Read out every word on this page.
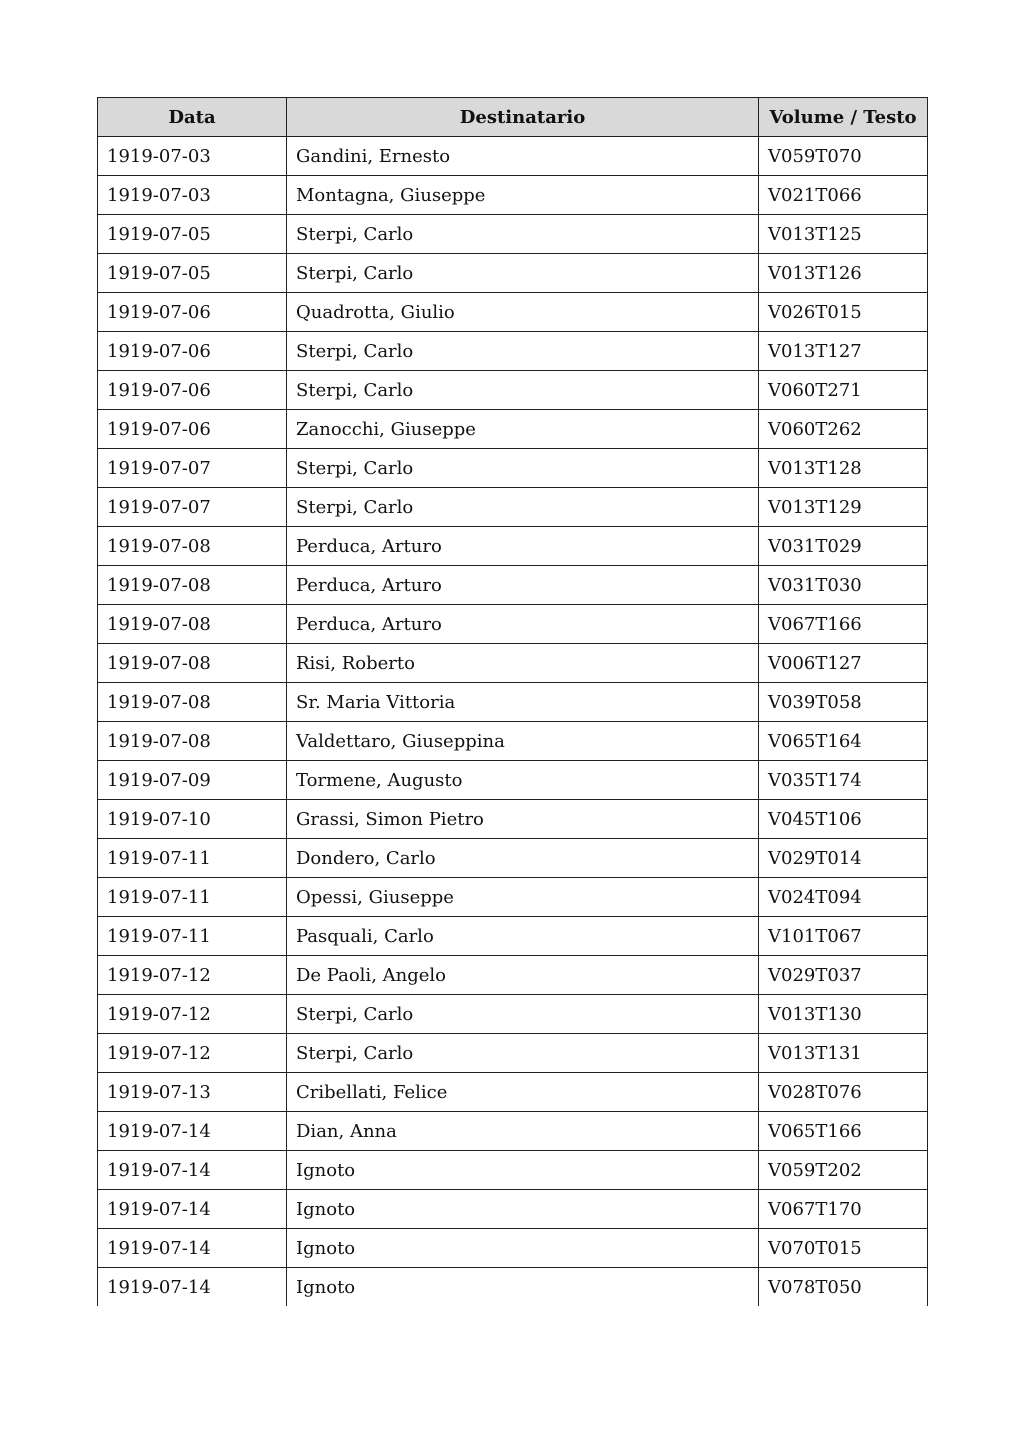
Data	Destinatario	Volume / Testo
1919-07-03	Gandini, Ernesto	V059T070
1919-07-03	Montagna, Giuseppe	V021T066
1919-07-05	Sterpi, Carlo	V013T125
1919-07-05	Sterpi, Carlo	V013T126
1919-07-06	Quadrotta, Giulio	V026T015
1919-07-06	Sterpi, Carlo	V013T127
1919-07-06	Sterpi, Carlo	V060T271
1919-07-06	Zanocchi, Giuseppe	V060T262
1919-07-07	Sterpi, Carlo	V013T128
1919-07-07	Sterpi, Carlo	V013T129
1919-07-08	Perduca, Arturo	V031T029
1919-07-08	Perduca, Arturo	V031T030
1919-07-08	Perduca, Arturo	V067T166
1919-07-08	Risi, Roberto	V006T127
1919-07-08	Sr. Maria Vittoria	V039T058
1919-07-08	Valdettaro, Giuseppina	V065T164
1919-07-09	Tormene, Augusto	V035T174
1919-07-10	Grassi, Simon Pietro	V045T106
1919-07-11	Dondero, Carlo	V029T014
1919-07-11	Opessi, Giuseppe	V024T094
1919-07-11	Pasquali, Carlo	V101T067
1919-07-12	De Paoli, Angelo	V029T037
1919-07-12	Sterpi, Carlo	V013T130
1919-07-12	Sterpi, Carlo	V013T131
1919-07-13	Cribellati, Felice	V028T076
1919-07-14	Dian, Anna	V065T166
1919-07-14	Ignoto	V059T202
1919-07-14	Ignoto	V067T170
1919-07-14	Ignoto	V070T015
1919-07-14	Ignoto	V078T050
